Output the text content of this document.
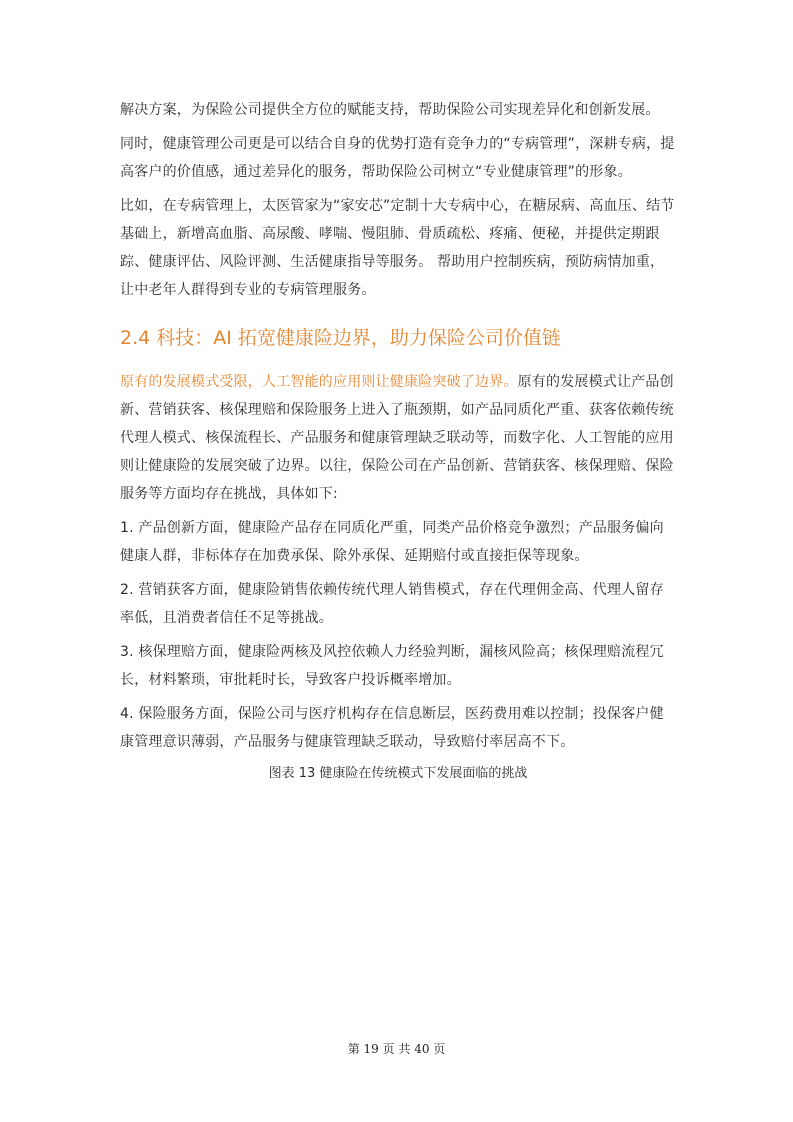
解决方案，为保险公司提供全方位的赋能支持，帮助保险公司实现差异化和创新发展。

同时，健康管理公司更是可以结合自身的优势打造有竞争力的“专病管理”，深耕专病，提高客户的价值感，通过差异化的服务，帮助保险公司树立“专业健康管理”的形象。

比如，在专病管理上，太医管家为“家安芯”定制十大专病中心，在糖尿病、高血压、结节基础上，新增高血脂、高尿酸、哮喘、慢阻肺、骨质疏松、疼痛、便秘，并提供定期跟踪、健康评估、风险评测、生活健康指导等服务。 帮助用户控制疾病，预防病情加重，让中老年人群得到专业的专病管理服务。

2.4 科技：AI 拓宽健康险边界，助力保险公司价值链

原有的发展模式受限，人工智能的应用则让健康险突破了边界。原有的发展模式让产品创新、营销获客、核保理赔和保险服务上进入了瓶颈期，如产品同质化严重、获客依赖传统代理人模式、核保流程长、产品服务和健康管理缺乏联动等，而数字化、人工智能的应用则让健康险的发展突破了边界。以往，保险公司在产品创新、营销获客、核保理赔、保险服务等方面均存在挑战，具体如下:

1. 产品创新方面，健康险产品存在同质化严重，同类产品价格竞争激烈；产品服务偏向健康人群，非标体存在加费承保、除外承保、延期赔付或直接拒保等现象。

2. 营销获客方面，健康险销售依赖传统代理人销售模式，存在代理佣金高、代理人留存率低，且消费者信任不足等挑战。

3. 核保理赔方面，健康险两核及风控依赖人力经验判断，漏核风险高；核保理赔流程冗长，材料繁琐，审批耗时长，导致客户投诉概率增加。

4. 保险服务方面，保险公司与医疗机构存在信息断层，医药费用难以控制；投保客户健康管理意识薄弱，产品服务与健康管理缺乏联动，导致赔付率居高不下。

图表 13 健康险在传统模式下发展面临的挑战
第 19 页 共 40 页
